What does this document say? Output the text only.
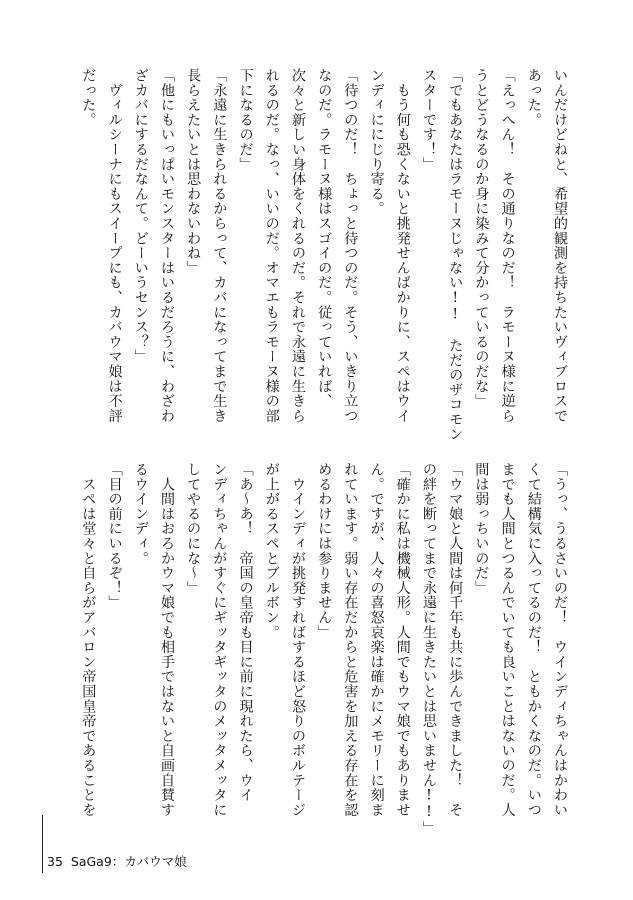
いんだけどねと、希望的観測を持ちたいヴィブロスで

あった。

「えっへん！　その通りなのだ！　ラモーヌ様に逆ら

うとどうなるのか身に染みて分かっているのだな」

「でもあなたはラモーヌじゃない!!　ただのザコモン

スターです！」

　もう何も恐くないと挑発せんばかりに、スペはウイ

ンディににじり寄る。

「待つのだ！　ちょっと待つのだ。そう、いきり立つ

なのだ。ラモーヌ様はスゴイのだ。従っていれば、

次々と新しい身体をくれるのだ。それで永遠に生きら

れるのだ。なっ、いいのだ。オマエもラモーヌ様の部

下になるのだ」

「永遠に生きられるからって、カバになってまで生き

長らえたいとは思わないわね」

「他にもいっぱいモンスターはいるだろうに、わざわ

ざカバにするだなんて。どーいうセンス？」

　ヴィルシーナにもスイープにも、カバウマ娘は不評

だった。

「うっ、うるさいのだ！　ウインディちゃんはかわい

くて結構気に入ってるのだ！　ともかくなのだ。いつ

までも人間とつるんでいても良いことはないのだ。人

間は弱っちいのだ」

「ウマ娘と人間は何千年も共に歩んできました！　そ

の絆を断ってまで永遠に生きたいとは思いません!!」

「確かに私は機械人形。人間でもウマ娘でもありませ

ん。ですが、人々の喜怒哀楽は確かにメモリーに刻ま

れています。弱い存在だからと危害を加える存在を認

めるわけには参りません」

　ウインディが挑発すればするほど怒りのボルテージ

が上がるスペとブルボン。

「あ〜あ！　帝国の皇帝も目に前に現れたら、ウイ

ンディちゃんがすぐにギッタギッタのメッタメッタに

してやるのにな〜」

　人間はおろかウマ娘でも相手ではないと自画自賛す

るウインディ。

「目の前にいるぞ！」

　スペは堂々と自らがアバロン帝国皇帝であることを

35 SaGa9：カバウマ娘
